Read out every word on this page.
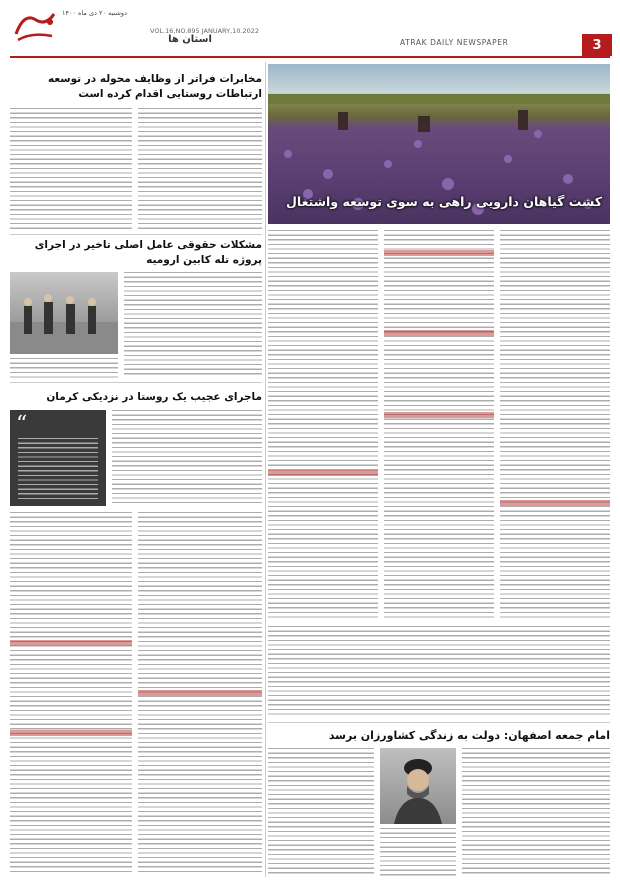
دوشنبه ۲۰ دی ماه ۱۴۰۰
VOL.16,NO.895 JANUARY,10.2022
استان ها	ATRAK DAILY NEWSPAPER	3
کشت گیاهان دارویی راهی به سوی توسعه واشتغال
مخابرات فراتر از وظایف محوله در توسعه ارتباطات روستایی اقدام کرده است
مشکلات حقوقی عامل اصلی تاخیر در اجرای پروژه تله کابین ارومیه
ماجرای عجیب یک روستا در نزدیکی کرمان
“
امام جمعه اصفهان: دولت به زندگی کشاورزان برسد
